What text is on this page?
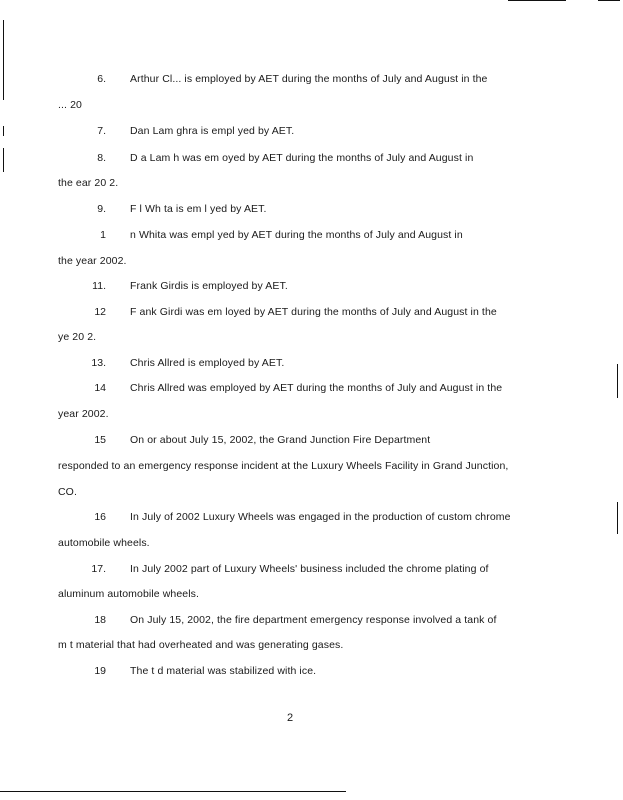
6. Arthur Cl... is employed by AET during the months of July and August in the
... 20
7. Dan Lam ghra is empl yed by AET.
8. D a Lam h was em oyed by AET during the months of July and August in
the ear 20 2.
9. F l Wh ta is em l yed by AET.
1 n Whita was empl yed by AET during the months of July and August in
the year 2002.
11. Frank Girdis is employed by AET.
12 F ank Girdi was em loyed by AET during the months of July and August in the
ye 20 2.
13. Chris Allred is employed by AET.
14 Chris Allred was employed by AET during the months of July and August in the
year 2002.
15 On or about July 15, 2002, the Grand Junction Fire Department
responded to an emergency response incident at the Luxury Wheels Facility in Grand Junction,
CO.
16 In July of 2002 Luxury Wheels was engaged in the production of custom chrome
automobile wheels.
17. In July 2002 part of Luxury Wheels' business included the chrome plating of
aluminum automobile wheels.
18 On July 15, 2002, the fire department emergency response involved a tank of
m t material that had overheated and was generating gases.
19 The t d material was stabilized with ice.
2
